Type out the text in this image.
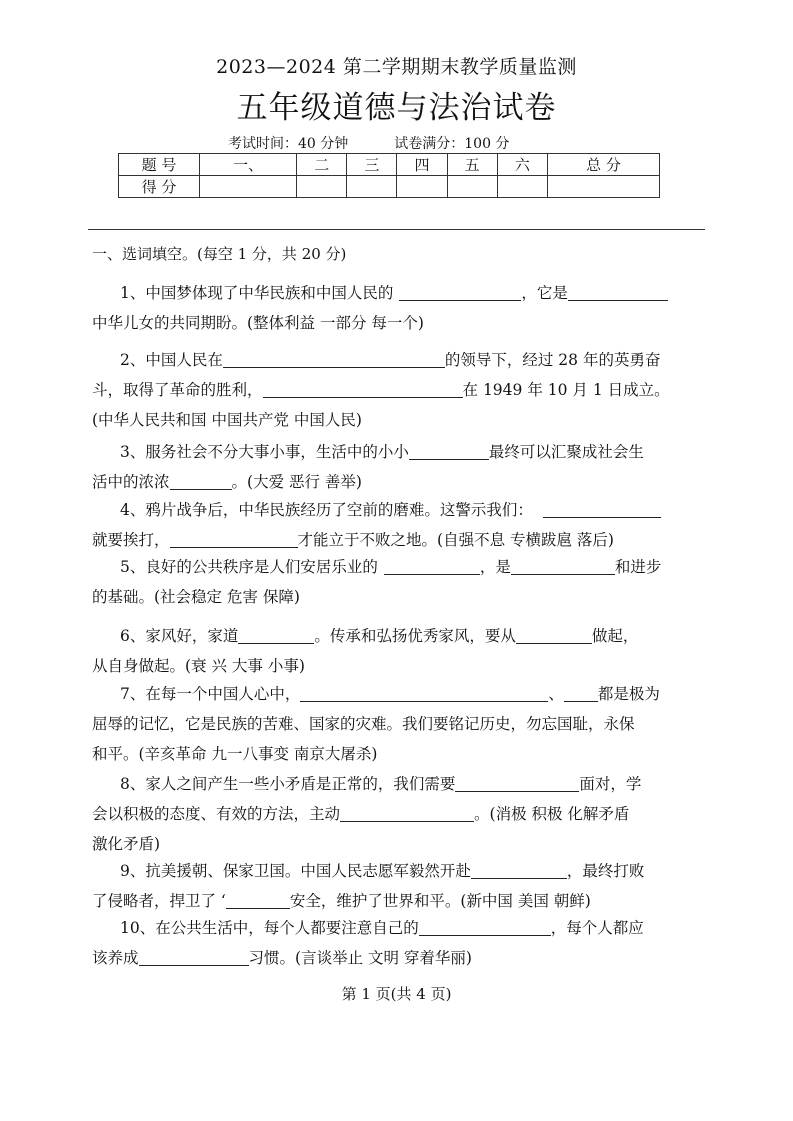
2023—2024 第二学期期末教学质量监测
五年级道德与法治试卷
考试时间：40 分钟	试卷满分：100 分
题 号	一、	二	三	四	五	六	总 分
得 分							
一、选词填空。(每空 1 分，共 20 分)
1、中国梦体现了中华民族和中国人民的	，它是
中华儿女的共同期盼。(整体利益 一部分 每一个)
2、中国人民在	的领导下，经过 28 年的英勇奋
斗，取得了革命的胜利，	在 1949 年 10 月 1 日成立。
(中华人民共和国 中国共产党 中国人民)
3、服务社会不分大事小事，生活中的小小	最终可以汇聚成社会生
活中的浓浓	。(大爱 恶行 善举)
4、鸦片战争后，中华民族经历了空前的磨难。这警示我们：
就要挨打，	才能立于不败之地。(自强不息 专横跋扈 落后)
5、良好的公共秩序是人们安居乐业的	，是	和进步
的基础。(社会稳定 危害 保障)
6、家风好，家道	。传承和弘扬优秀家风，要从	做起，
从自身做起。(衰 兴 大事 小事)
7、在每一个中国人心中，	、 都是极为
屈辱的记忆，它是民族的苦难、国家的灾难。我们要铭记历史，勿忘国耻，永保
和平。(辛亥革命 九一八事变 南京大屠杀)
8、家人之间产生一些小矛盾是正常的，我们需要	面对，学
会以积极的态度、有效的方法，主动	。(消极 积极 化解矛盾
激化矛盾)
9、抗美援朝、保家卫国。中国人民志愿军毅然开赴	，最终打败
了侵略者，捍卫了 ‘	安全，维护了世界和平。(新中国 美国 朝鲜)
10、在公共生活中，每个人都要注意自己的	，每个人都应
该养成	习惯。(言谈举止 文明 穿着华丽)
第 1 页(共 4 页)
